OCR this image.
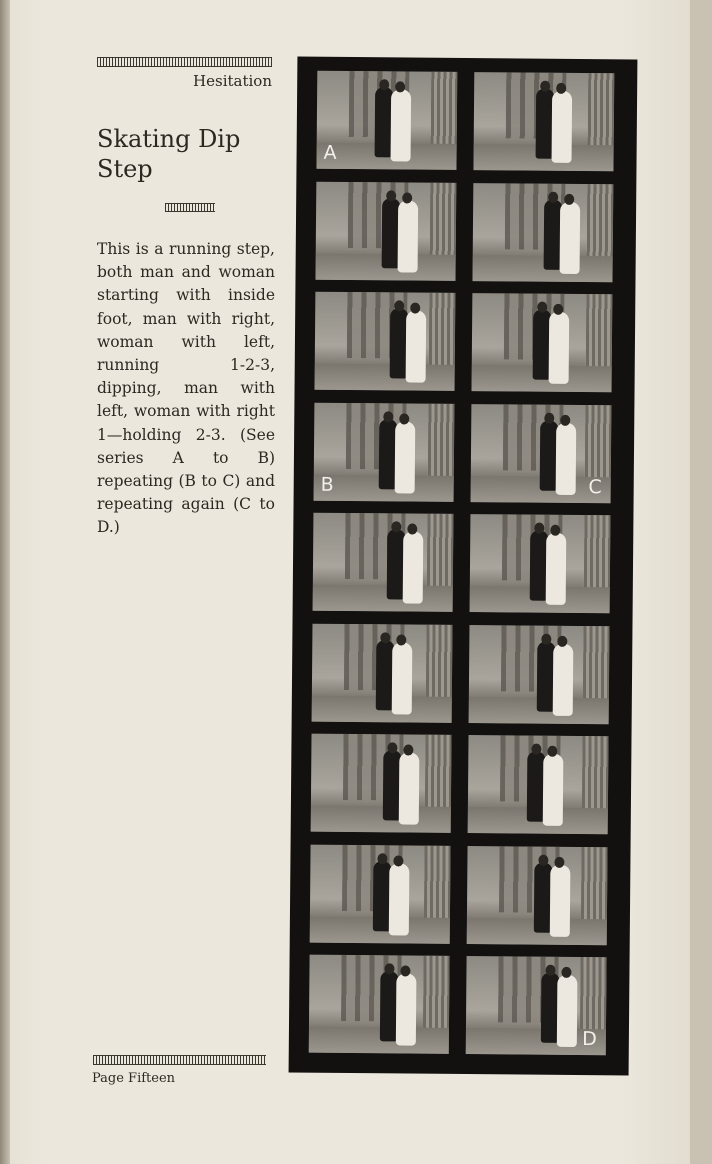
Hesitation
Skating Dip Step

This is a running step, both man and woman starting with inside foot, man with right, woman with left, running 1-2-3, dipping, man with left, woman with right 1—holding 2-3. (See series A to B) repeating (B to C) and repeating again (C to D.)

Page Fifteen
A
B	C
D
